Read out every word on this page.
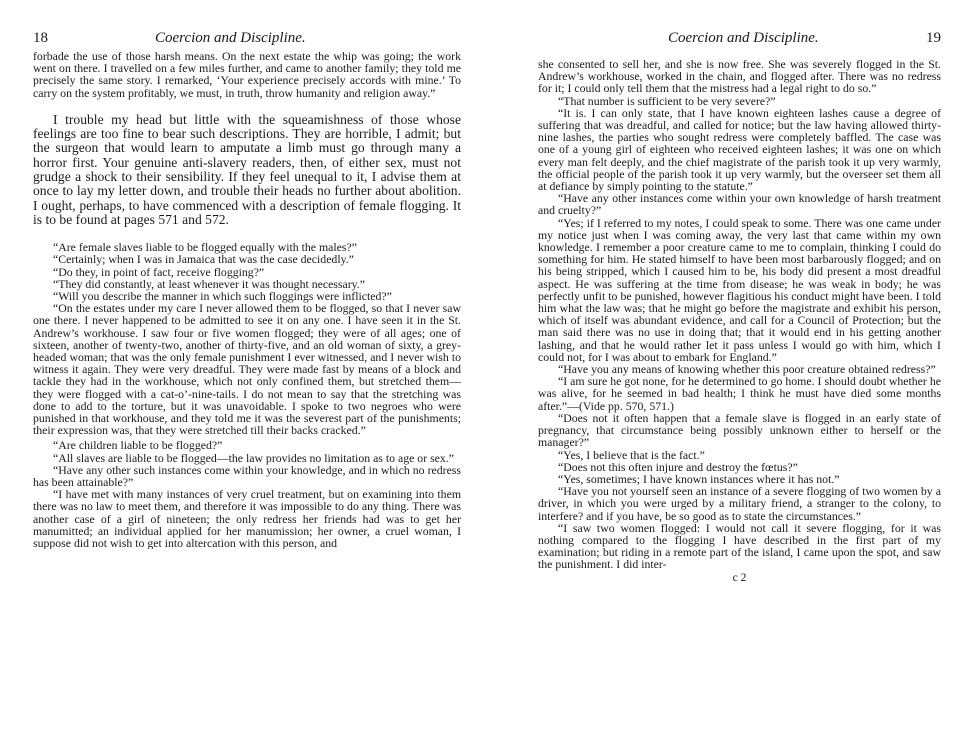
18	Coercion and Discipline.

forbade the use of those harsh means. On the next estate the whip was going; the work went on there. I travelled on a few miles further, and came to another family; they told me precisely the same story. I remarked, ‘Your experience precisely accords with mine.’ To carry on the system profitably, we must, in truth, throw humanity and religion away.”

I trouble my head but little with the squeamishness of those whose feelings are too fine to bear such descriptions. They are horrible, I admit; but the surgeon that would learn to amputate a limb must go through many a horror first. Your genuine anti-slavery readers, then, of either sex, must not grudge a shock to their sensibility. If they feel unequal to it, I advise them at once to lay my letter down, and trouble their heads no further about abolition. I ought, perhaps, to have commenced with a description of female flogging. It is to be found at pages 571 and 572.

“Are female slaves liable to be flogged equally with the males?”

“Certainly; when I was in Jamaica that was the case decidedly.”

“Do they, in point of fact, receive flogging?”

“They did constantly, at least whenever it was thought necessary.”

“Will you describe the manner in which such floggings were inflicted?”

“On the estates under my care I never allowed them to be flogged, so that I never saw one there. I never happened to be admitted to see it on any one. I have seen it in the St. Andrew’s workhouse. I saw four or five women flogged; they were of all ages; one of sixteen, another of twenty-two, another of thirty-five, and an old woman of sixty, a grey-headed woman; that was the only female punishment I ever witnessed, and I never wish to witness it again. They were very dreadful. They were made fast by means of a block and tackle they had in the workhouse, which not only confined them, but stretched them—they were flogged with a cat-o’-nine-tails. I do not mean to say that the stretching was done to add to the torture, but it was unavoidable. I spoke to two negroes who were punished in that workhouse, and they told me it was the severest part of the punishments; their expression was, that they were stretched till their backs cracked.”

“Are children liable to be flogged?”

“All slaves are liable to be flogged—the law provides no limitation as to age or sex.”

“Have any other such instances come within your knowledge, and in which no redress has been attainable?”

“I have met with many instances of very cruel treatment, but on examining into them there was no law to meet them, and therefore it was impossible to do any thing. There was another case of a girl of nineteen; the only redress her friends had was to get her manumitted; an individual applied for her manumission; her owner, a cruel woman, I suppose did not wish to get into altercation with this person, and

Coercion and Discipline.	19

she consented to sell her, and she is now free. She was severely flogged in the St. Andrew’s workhouse, worked in the chain, and flogged after. There was no redress for it; I could only tell them that the mistress had a legal right to do so.”

“That number is sufficient to be very severe?”

“It is. I can only state, that I have known eighteen lashes cause a degree of suffering that was dreadful, and called for notice; but the law having allowed thirty-nine lashes, the parties who sought redress were completely baffled. The case was one of a young girl of eighteen who received eighteen lashes; it was one on which every man felt deeply, and the chief magistrate of the parish took it up very warmly, the official people of the parish took it up very warmly, but the overseer set them all at defiance by simply pointing to the statute.”

“Have any other instances come within your own knowledge of harsh treatment and cruelty?”

“Yes; if I referred to my notes, I could speak to some. There was one came under my notice just when I was coming away, the very last that came within my own knowledge. I remember a poor creature came to me to complain, thinking I could do something for him. He stated himself to have been most barbarously flogged; and on his being stripped, which I caused him to be, his body did present a most dreadful aspect. He was suffering at the time from disease; he was weak in body; he was perfectly unfit to be punished, however flagitious his conduct might have been. I told him what the law was; that he might go before the magistrate and exhibit his person, which of itself was abundant evidence, and call for a Council of Protection; but the man said there was no use in doing that; that it would end in his getting another lashing, and that he would rather let it pass unless I would go with him, which I could not, for I was about to embark for England.”

“Have you any means of knowing whether this poor creature obtained redress?”

“I am sure he got none, for he determined to go home. I should doubt whether he was alive, for he seemed in bad health; I think he must have died some months after.”—(Vide pp. 570, 571.)

“Does not it often happen that a female slave is flogged in an early state of pregnancy, that circumstance being possibly unknown either to herself or the manager?”

“Yes, I believe that is the fact.”

“Does not this often injure and destroy the fœtus?”

“Yes, sometimes; I have known instances where it has not.”

“Have you not yourself seen an instance of a severe flogging of two women by a driver, in which you were urged by a military friend, a stranger to the colony, to interfere? and if you have, be so good as to state the circumstances.”

“I saw two women flogged: I would not call it severe flogging, for it was nothing compared to the flogging I have described in the first part of my examination; but riding in a remote part of the island, I came upon the spot, and saw the punishment. I did inter-

c 2
